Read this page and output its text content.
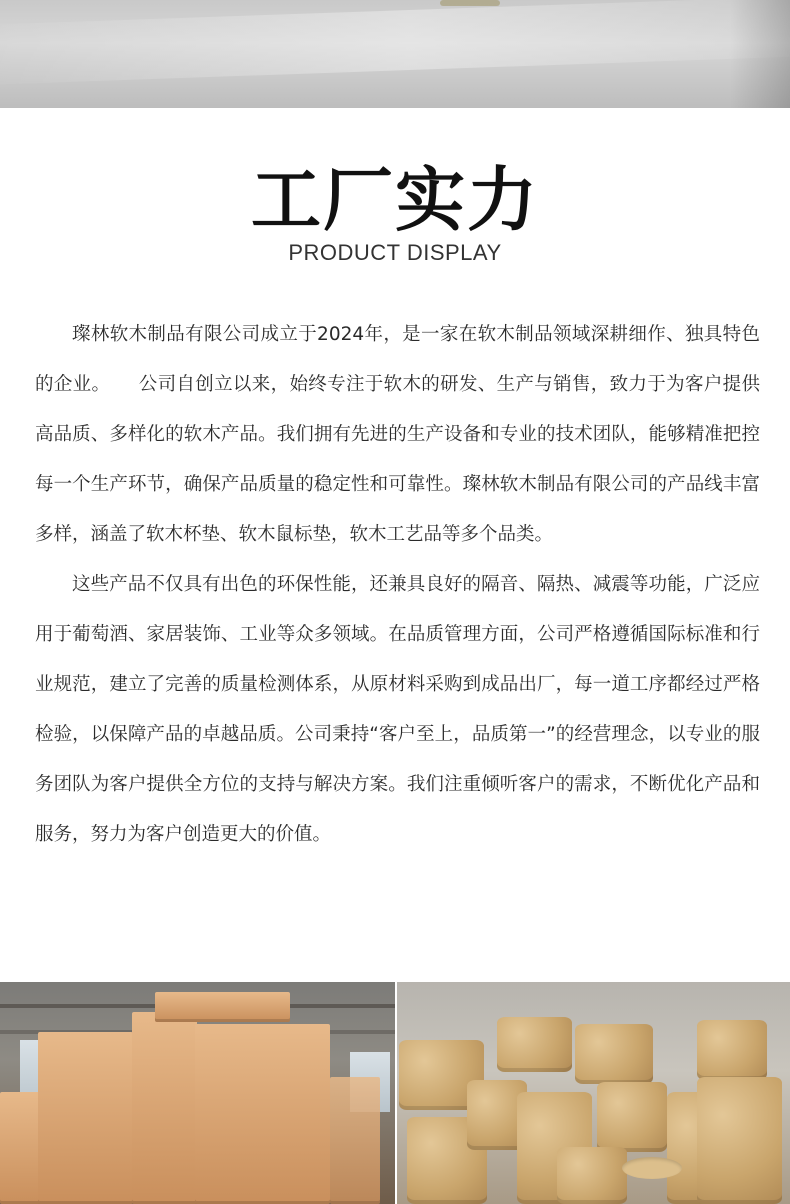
工厂实力
PRODUCT DISPLAY

璨林软木制品有限公司成立于2024年，是一家在软木制品领域深耕细作、独具特色的企业。　　公司自创立以来，始终专注于软木的研发、生产与销售，致力于为客户提供高品质、多样化的软木产品。我们拥有先进的生产设备和专业的技术团队，能够精准把控每一个生产环节，确保产品质量的稳定性和可靠性。璨林软木制品有限公司的产品线丰富多样，涵盖了软木杯垫、软木鼠标垫，软木工艺品等多个品类。

这些产品不仅具有出色的环保性能，还兼具良好的隔音、隔热、减震等功能，广泛应用于葡萄酒、家居装饰、工业等众多领域。在品质管理方面，公司严格遵循国际标准和行业规范，建立了完善的质量检测体系，从原材料采购到成品出厂，每一道工序都经过严格检验，以保障产品的卓越品质。公司秉持“客户至上，品质第一”的经营理念，以专业的服务团队为客户提供全方位的支持与解决方案。我们注重倾听客户的需求，不断优化产品和服务，努力为客户创造更大的价值。
